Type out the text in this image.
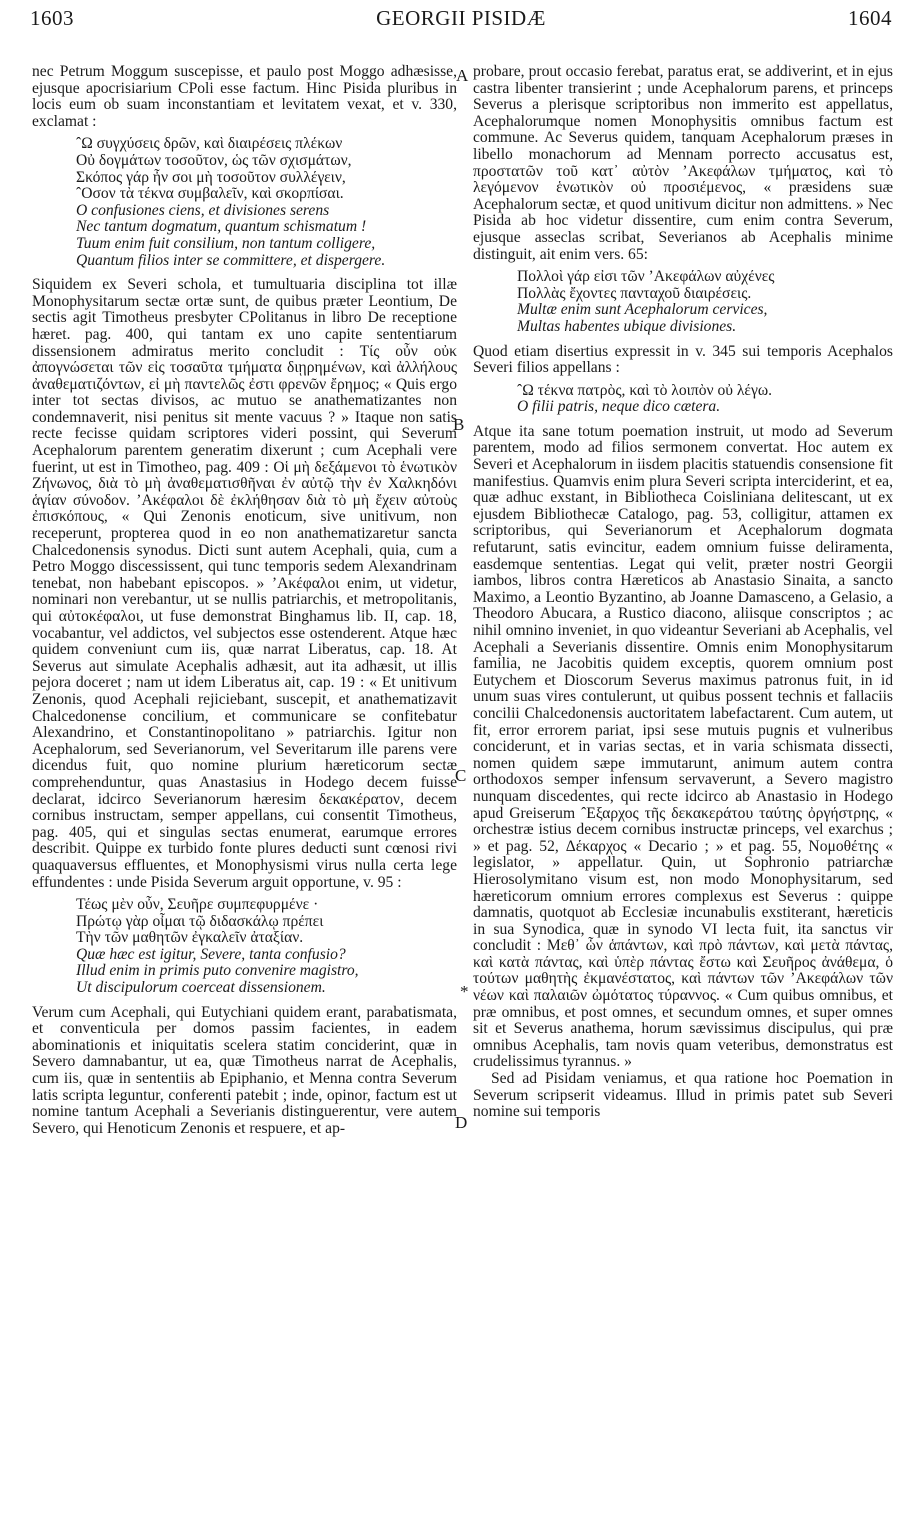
1603	GEORGII PISIDÆ	1604
A
B
C
*
D

nec Petrum Moggum suscepisse, et paulo post Moggo adhæsisse, ejusque apocrisiarium CPoli esse factum. Hinc Pisida pluribus in locis eum ob suam inconstantiam et levitatem vexat, et v. 330, exclamat :

ˆΩ συγχύσεις δρῶν, καὶ διαιρέσεις πλέκων
Οὐ δογμάτων τοσοῦτον, ὡς τῶν σχισμάτων,
Σκόπος γάρ ἦν σοι μὴ τοσοῦτον συλλέγειν,
ˆΟσον τὰ τέκνα συμβαλεῖν, καὶ σκορπίσαι.
O confusiones ciens, et divisiones serens
Nec tantum dogmatum, quantum schismatum !
Tuum enim fuit consilium, non tantum colligere,
Quantum filios inter se committere, et dispergere.

Siquidem ex Severi schola, et tumultuaria disciplina tot illæ Monophysitarum sectæ ortæ sunt, de quibus præter Leontium, De sectis agit Timotheus presbyter CPolitanus in libro De receptione hæret. pag. 400, qui tantam ex uno capite sententiarum dissensionem admiratus merito concludit : Τίς οὖν οὐκ ἀπογνώσεται τῶν εἰς τοσαῦτα τμήματα διῃρημένων, καὶ ἀλλήλους ἀναθεματιζόντων, εἰ μὴ παντελῶς ἐστι φρενῶν ἔρημος; « Quis ergo inter tot sectas divisos, ac mutuo se anathematizantes non condemnaverit, nisi penitus sit mente vacuus ? » Itaque non satis recte fecisse quidam scriptores videri possint, qui Severum Acephalorum parentem generatim dixerunt ; cum Acephali vere fuerint, ut est in Timotheo, pag. 409 : Οἱ μὴ δεξάμενοι τὸ ἑνωτικὸν Ζήνωνος, διὰ τὸ μὴ ἀναθεματισθῆναι ἐν αὐτῷ τὴν ἐν Χαλκηδόνι ἁγίαν σύνοδον. ʼΑκέφαλοι δὲ ἐκλήθησαν διὰ τὸ μὴ ἔχειν αὐτοὺς ἐπισκόπους, « Qui Zenonis enoticum, sive unitivum, non receperunt, propterea quod in eo non anathematizaretur sancta Chalcedonensis synodus. Dicti sunt autem Acephali, quia, cum a Petro Moggo discessissent, qui tunc temporis sedem Alexandrinam tenebat, non habebant episcopos. » ʼΑκέφαλοι enim, ut videtur, nominari non verebantur, ut se nullis patriarchis, et metropolitanis, qui αὐτοκέφαλοι, ut fuse demonstrat Binghamus lib. II, cap. 18, vocabantur, vel addictos, vel subjectos esse ostenderent. Atque hæc quidem conveniunt cum iis, quæ narrat Liberatus, cap. 18. At Severus aut simulate Acephalis adhæsit, aut ita adhæsit, ut illis pejora doceret ; nam ut idem Liberatus ait, cap. 19 : « Et unitivum Zenonis, quod Acephali rejiciebant, suscepit, et anathematizavit Chalcedonense concilium, et communicare se confitebatur Alexandrino, et Constantinopolitano » patriarchis. Igitur non Acephalorum, sed Severianorum, vel Severitarum ille parens vere dicendus fuit, quo nomine plurium hæreticorum sectæ comprehenduntur, quas Anastasius in Hodego decem fuisse declarat, idcirco Severianorum hæresim δεκακέρατον, decem cornibus instructam, semper appellans, cui consentit Timotheus, pag. 405, qui et singulas sectas enumerat, earumque errores describit. Quippe ex turbido fonte plures deducti sunt cœnosi rivi quaquaversus effluentes, et Monophysismi virus nulla certa lege effundentes : unde Pisida Severum arguit opportune, v. 95 :

Τέως μὲν οὖν, Σευῆρε συμπεφυρμένε ·
Πρώτῳ γὰρ οἶμαι τῷ διδασκάλῳ πρέπει
Τὴν τῶν μαθητῶν ἐγκαλεῖν ἀταξίαν.
Quæ hæc est igitur, Severe, tanta confusio?
Illud enim in primis puto convenire magistro,
Ut discipulorum coerceat dissensionem.

Verum cum Acephali, qui Eutychiani quidem erant, parabatismata, et conventicula per domos passim facientes, in eadem abominationis et iniquitatis scelera statim conciderint, quæ in Severo damnabantur, ut ea, quæ Timotheus narrat de Acephalis, cum iis, quæ in sententiis ab Epiphanio, et Menna contra Severum latis scripta leguntur, conferenti patebit ; inde, opinor, factum est ut nomine tantum Acephali a Severianis distinguerentur, vere autem Severo, qui Henoticum Zenonis et respuere, et ap-

probare, prout occasio ferebat, paratus erat, se addiverint, et in ejus castra libenter transierint ; unde Acephalorum parens, et princeps Severus a plerisque scriptoribus non immerito est appellatus, Acephalorumque nomen Monophysitis omnibus factum est commune. Ac Severus quidem, tanquam Acephalorum præses in libello monachorum ad Mennam porrecto accusatus est, προστατῶν τοῦ κατ᾽ αὐτὸν ʼΑκεφάλων τμήματος, καὶ τὸ λεγόμενον ἑνωτικὸν οὐ προσιέμενος, « præsidens suæ Acephalorum sectæ, et quod unitivum dicitur non admittens. » Nec Pisida ab hoc videtur dissentire, cum enim contra Severum, ejusque asseclas scribat, Severianos ab Acephalis minime distinguit, ait enim vers. 65:

Πολλοὶ γάρ εἰσι τῶν ʼΑκεφάλων αὐχένες
Πολλὰς ἔχοντες πανταχοῦ διαιρέσεις.
Multæ enim sunt Acephalorum cervices,
Multas habentes ubique divisiones.

Quod etiam disertius expressit in v. 345 sui temporis Acephalos Severi filios appellans :

ˆΩ τέκνα πατρὸς, καὶ τὸ λοιπὸν οὐ λέγω.
O filii patris, neque dico cætera.

Atque ita sane totum poemation instruit, ut modo ad Severum parentem, modo ad filios sermonem convertat. Hoc autem ex Severi et Acephalorum in iisdem placitis statuendis consensione fit manifestius. Quamvis enim plura Severi scripta interciderint, et ea, quæ adhuc exstant, in Bibliotheca Coisliniana delitescant, ut ex ejusdem Bibliothecæ Catalogo, pag. 53, colligitur, attamen ex scriptoribus, qui Severianorum et Acephalorum dogmata refutarunt, satis evincitur, eadem omnium fuisse deliramenta, easdemque sententias. Legat qui velit, præter nostri Georgii iambos, libros contra Hæreticos ab Anastasio Sinaita, a sancto Maximo, a Leontio Byzantino, ab Joanne Damasceno, a Gelasio, a Theodoro Abucara, a Rustico diacono, aliisque conscriptos ; ac nihil omnino inveniet, in quo videantur Severiani ab Acephalis, vel Acephali a Severianis dissentire. Omnis enim Monophysitarum familia, ne Jacobitis quidem exceptis, quorem omnium post Eutychem et Dioscorum Severus maximus patronus fuit, in id unum suas vires contulerunt, ut quibus possent technis et fallaciis concilii Chalcedonensis auctoritatem labefactarent. Cum autem, ut fit, error errorem pariat, ipsi sese mutuis pugnis et vulneribus conciderunt, et in varias sectas, et in varia schismata dissecti, nomen quidem sæpe immutarunt, animum autem contra orthodoxos semper infensum servaverunt, a Severo magistro nunquam discedentes, qui recte idcirco ab Anastasio in Hodego apud Greiserum ˆΕξαρχος τῆς δεκακεράτου ταύτης ὀργήστρης, « orchestræ istius decem cornibus instructæ princeps, vel exarchus ; » et pag. 52, Δέκαρχος « Decario ; » et pag. 55, Νομοθέτης « legislator, » appellatur. Quin, ut Sophronio patriarchæ Hierosolymitano visum est, non modo Monophysitarum, sed hæreticorum omnium errores complexus est Severus : quippe damnatis, quotquot ab Ecclesiæ incunabulis exstiterant, hæreticis in sua Synodica, quæ in synodo VI lecta fuit, ita sanctus vir concludit : Μεθ᾽ ὧν ἁπάντων, καὶ πρὸ πάντων, καὶ μετὰ πάντας, καὶ κατὰ πάντας, καὶ ὑπὲρ πάντας ἔστω καὶ Σευῆρος ἀνάθεμα, ὁ τούτων μαθητὴς ἐκμανέστατος, καὶ πάντων τῶν ʼΑκεφάλων τῶν νέων καὶ παλαιῶν ὠμότατος τύραννος. « Cum quibus omnibus, et præ omnibus, et post omnes, et secundum omnes, et super omnes sit et Severus anathema, horum sævissimus discipulus, qui præ omnibus Acephalis, tam novis quam veteribus, demonstratus est crudelissimus tyrannus. »

Sed ad Pisidam veniamus, et qua ratione hoc Poemation in Severum scripserit videamus. Illud in primis patet sub Severi nomine sui temporis
